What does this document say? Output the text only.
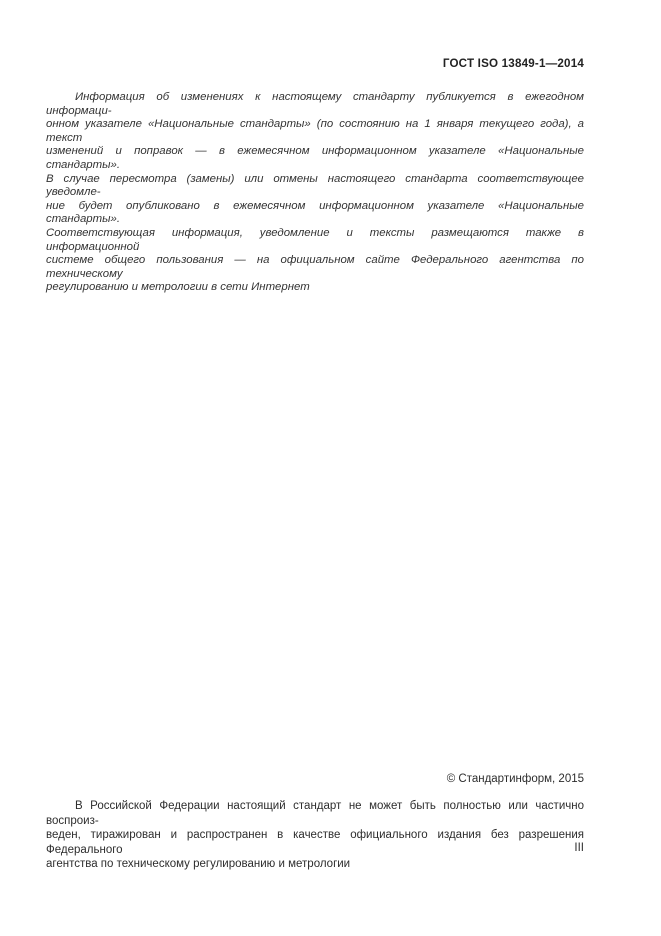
ГОСТ ISO 13849-1—2014
Информация об изменениях к настоящему стандарту публикуется в ежегодном информаци-
онном указателе «Национальные стандарты» (по состоянию на 1 января текущего года), а текст
изменений и поправок — в ежемесячном информационном указателе «Национальные стандарты».
В случае пересмотра (замены) или отмены настоящего стандарта соответствующее уведомле-
ние будет опубликовано в ежемесячном информационном указателе «Национальные стандарты».
Соответствующая информация, уведомление и тексты размещаются также в информационной
системе общего пользования — на официальном сайте Федерального агентства по техническому
регулированию и метрологии в сети Интернет
© Стандартинформ, 2015
В Российской Федерации настоящий стандарт не может быть полностью или частично воспроиз-
веден, тиражирован и распространен в качестве официального издания без разрешения Федерального
агентства по техническому регулированию и метрологии
III
